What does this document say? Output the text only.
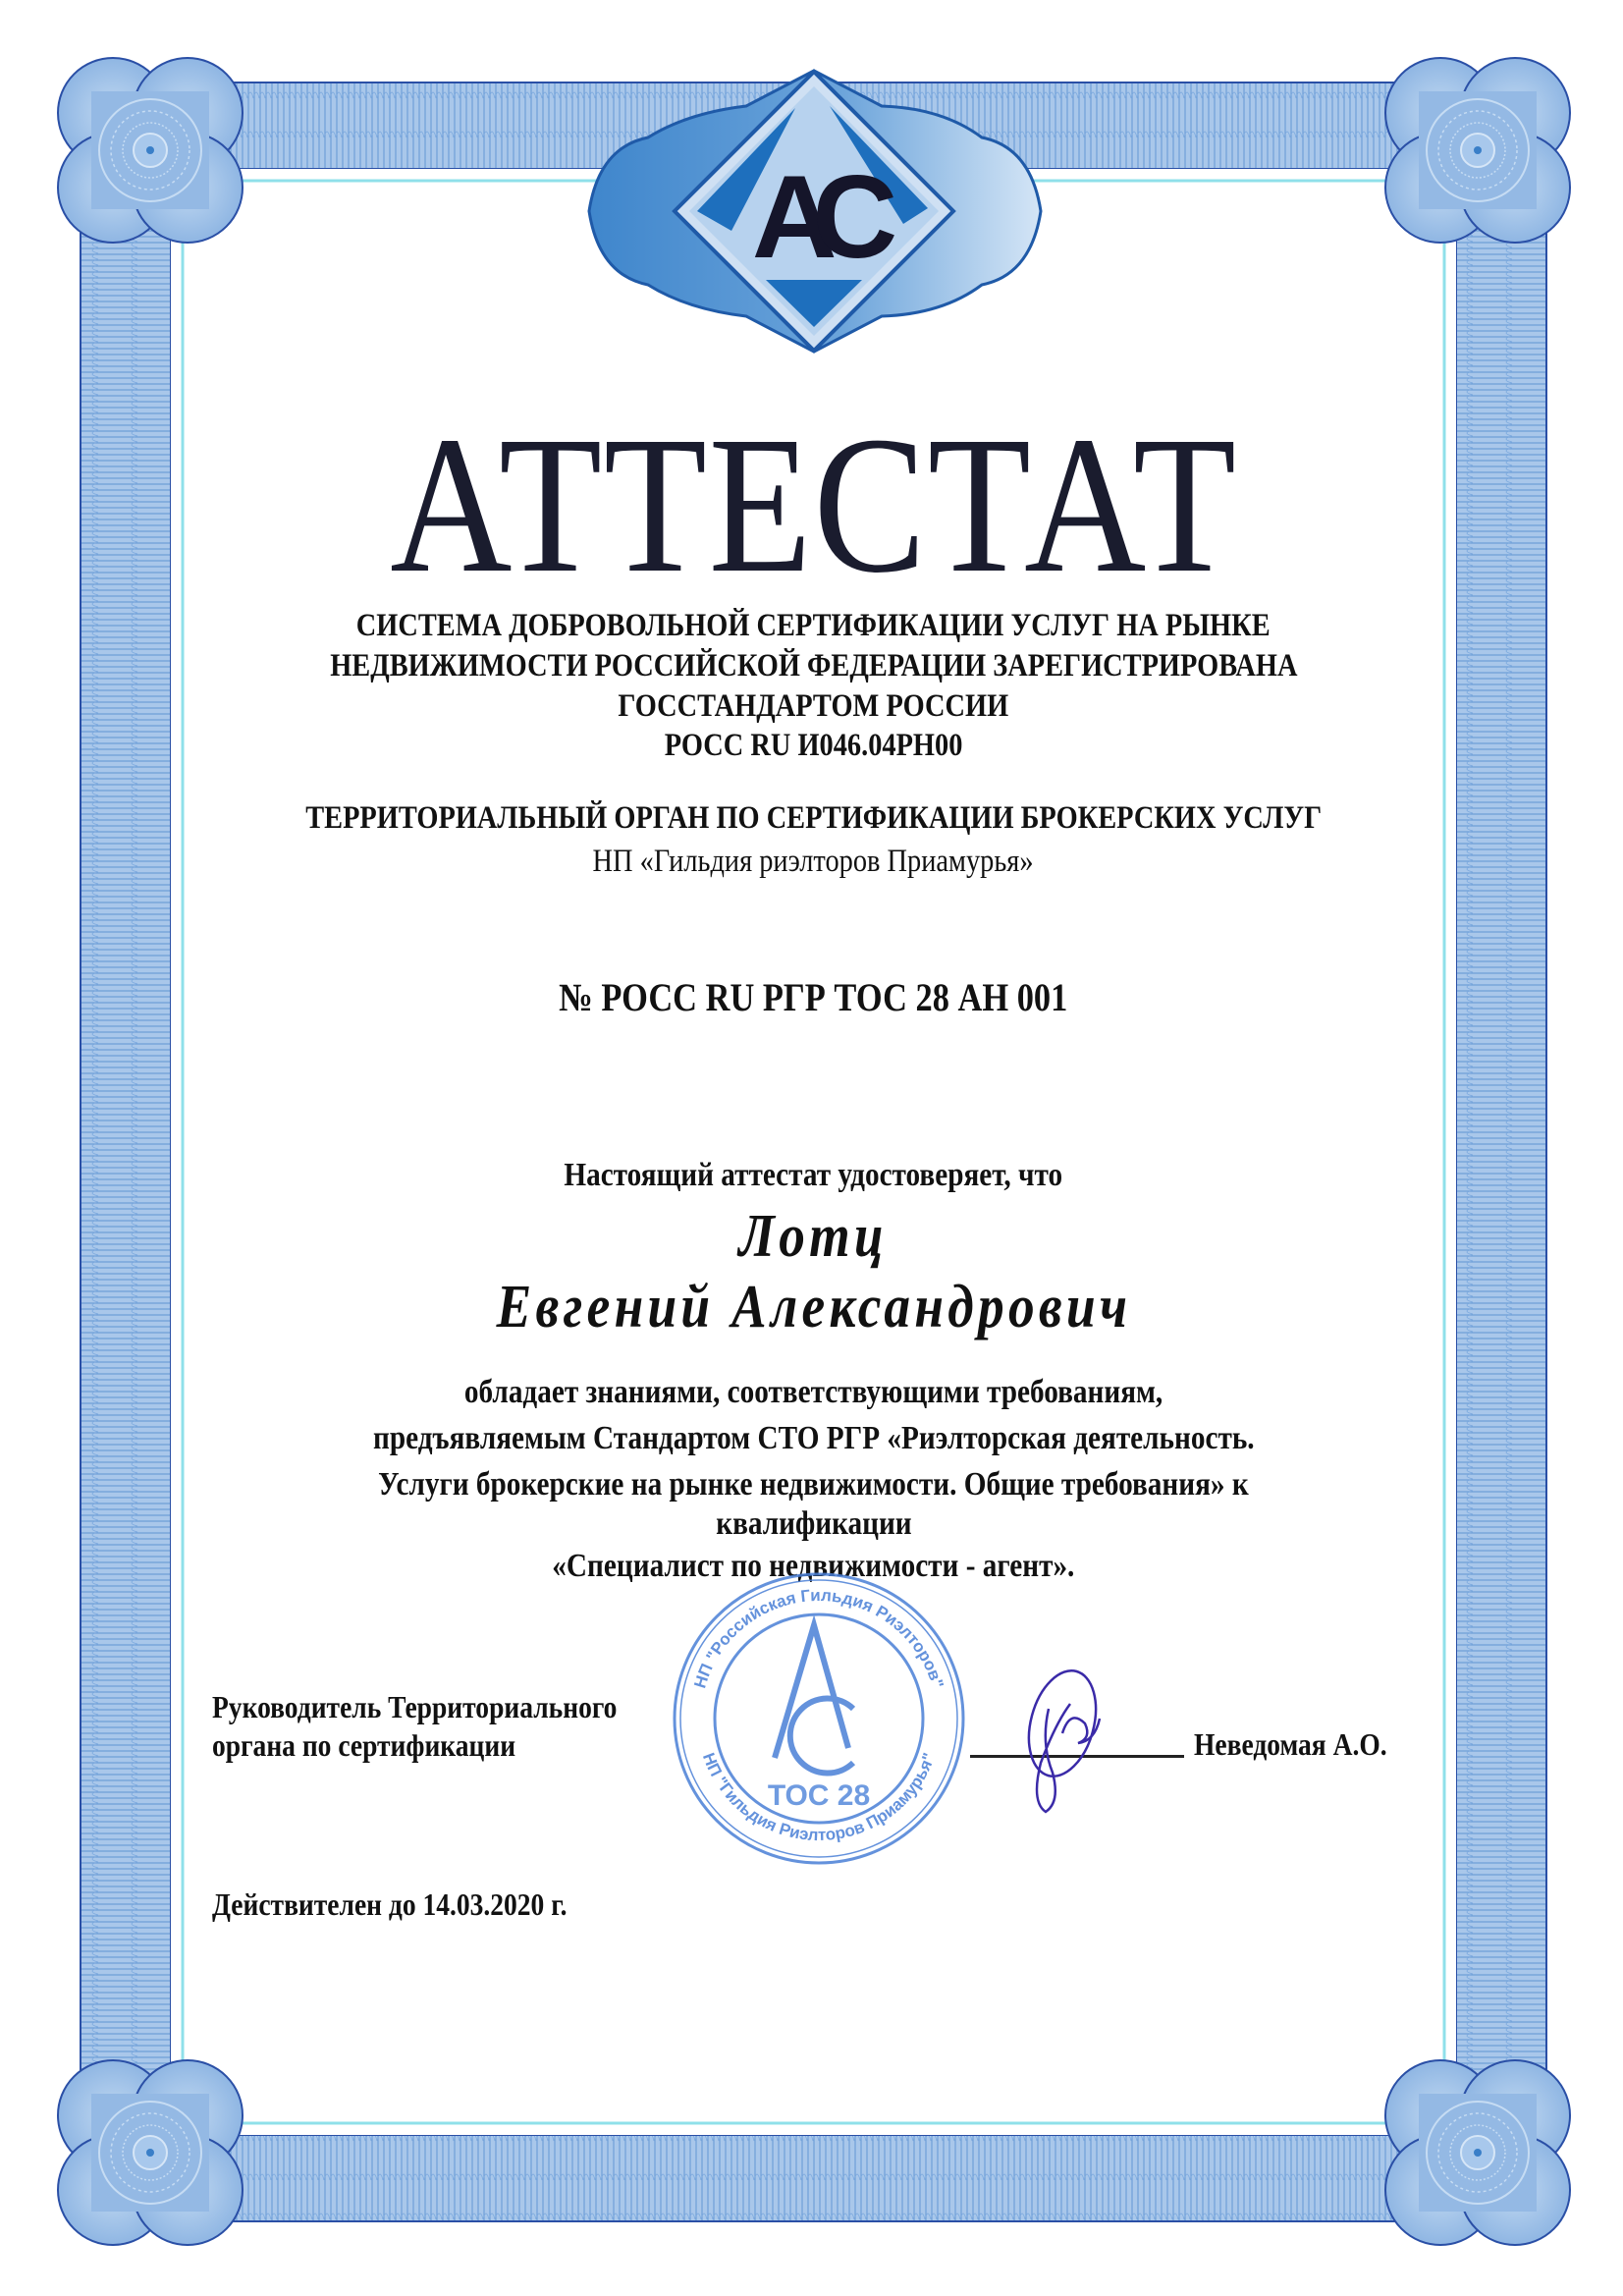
АС
АТТЕСТАТ
СИСТЕМА ДОБРОВОЛЬНОЙ СЕРТИФИКАЦИИ УСЛУГ НА РЫНКЕ
НЕДВИЖИМОСТИ РОССИЙСКОЙ ФЕДЕРАЦИИ ЗАРЕГИСТРИРОВАНА
ГОССТАНДАРТОМ РОССИИ
РОСС RU И046.04РН00
ТЕРРИТОРИАЛЬНЫЙ ОРГАН ПО СЕРТИФИКАЦИИ БРОКЕРСКИХ УСЛУГ
НП «Гильдия риэлторов Приамурья»
№ РОСС RU РГР ТОС 28 АН 001
Настоящий аттестат удостоверяет, что
Лотц
Евгений Александрович
обладает знаниями, соответствующими требованиям,
предъявляемым Стандартом СТО РГР «Риэлторская деятельность.
Услуги брокерские на рынке недвижимости. Общие требования» к
квалификации
«Специалист по недвижимости - агент».
Руководитель Территориального
органа по сертификации
НП "Российская Гильдия Риэлторов"
НП "Гильдия Риэлторов Приамурья"
ТОС 28
Неведомая А.О.
Действителен до 14.03.2020 г.
